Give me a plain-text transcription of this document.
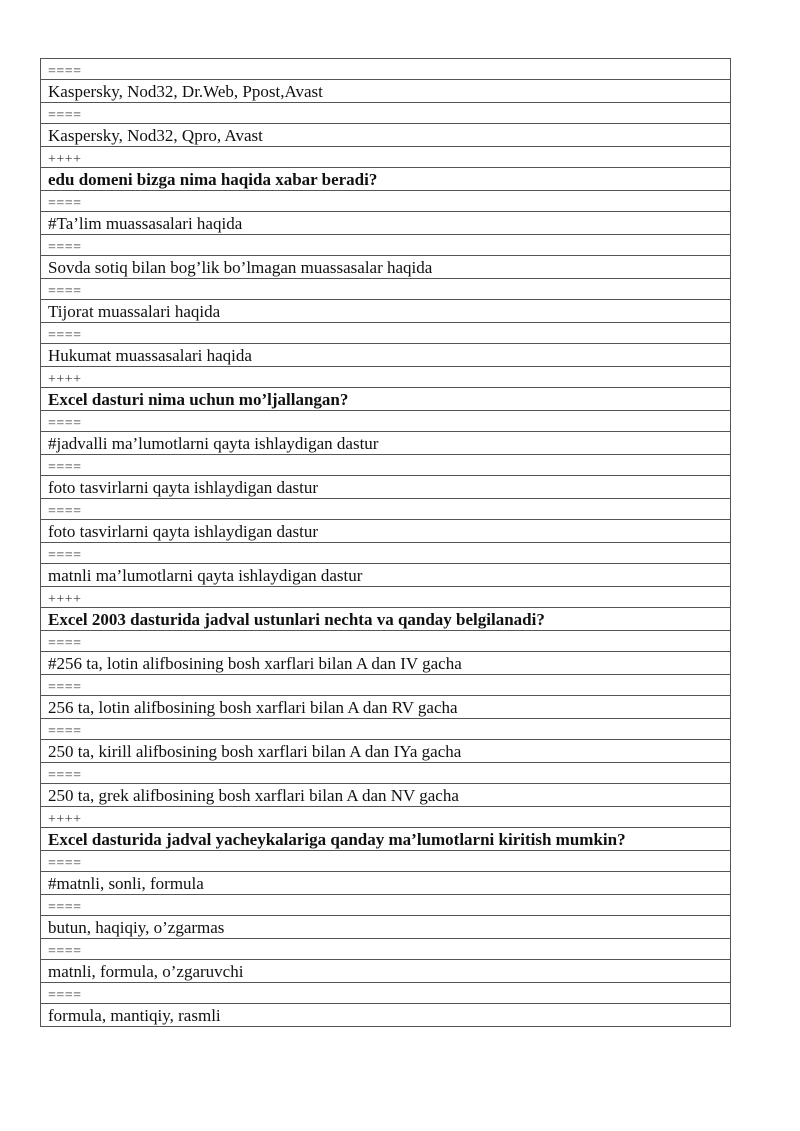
====
Kaspersky, Nod32, Dr.Web, Ppost,Avast
====
Kaspersky, Nod32, Qpro, Avast
++++
edu domeni bizga nima haqida xabar beradi?
====
#Ta’lim muassasalari haqida
====
Sovda sotiq bilan bog’lik bo’lmagan muassasalar haqida
====
Tijorat muassalari haqida
====
Hukumat muassasalari haqida
++++
Excel dasturi nima uchun mo’ljallangan?
====
#jadvalli ma’lumotlarni qayta ishlaydigan dastur
====
foto tasvirlarni qayta ishlaydigan dastur
====
foto tasvirlarni qayta ishlaydigan dastur
====
matnli ma’lumotlarni qayta ishlaydigan dastur
++++
Excel 2003 dasturida jadval ustunlari nechta va qanday belgilanadi?
====
#256 ta, lotin alifbosining bosh xarflari bilan A dan IV gacha
====
256 ta, lotin alifbosining bosh xarflari bilan A dan RV gacha
====
250 ta, kirill alifbosining bosh xarflari bilan A dan IYa gacha
====
250 ta, grek alifbosining bosh xarflari bilan A dan NV gacha
++++
Excel dasturida jadval yacheykalariga qanday ma’lumotlarni kiritish mumkin?
====
#matnli, sonli, formula
====
butun, haqiqiy, o’zgarmas
====
matnli, formula, o’zgaruvchi
====
formula, mantiqiy, rasmli
